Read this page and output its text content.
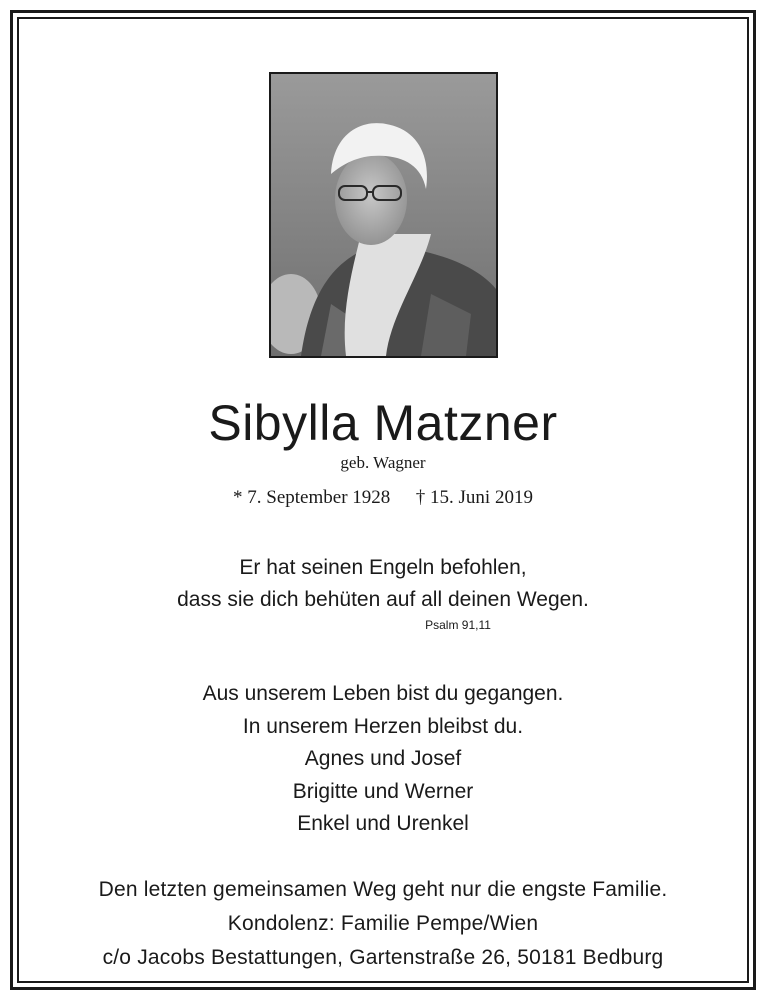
Sibylla Matzner
geb. Wagner
* 7. September 1928 † 15. Juni 2019
Er hat seinen Engeln befohlen,
dass sie dich behüten auf all deinen Wegen.
Psalm 91,11
Aus unserem Leben bist du gegangen.
In unserem Herzen bleibst du.
Agnes und Josef
Brigitte und Werner
Enkel und Urenkel
Den letzten gemeinsamen Weg geht nur die engste Familie.
Kondolenz: Familie Pempe/Wien
c/o Jacobs Bestattungen, Gartenstraße 26, 50181 Bedburg
